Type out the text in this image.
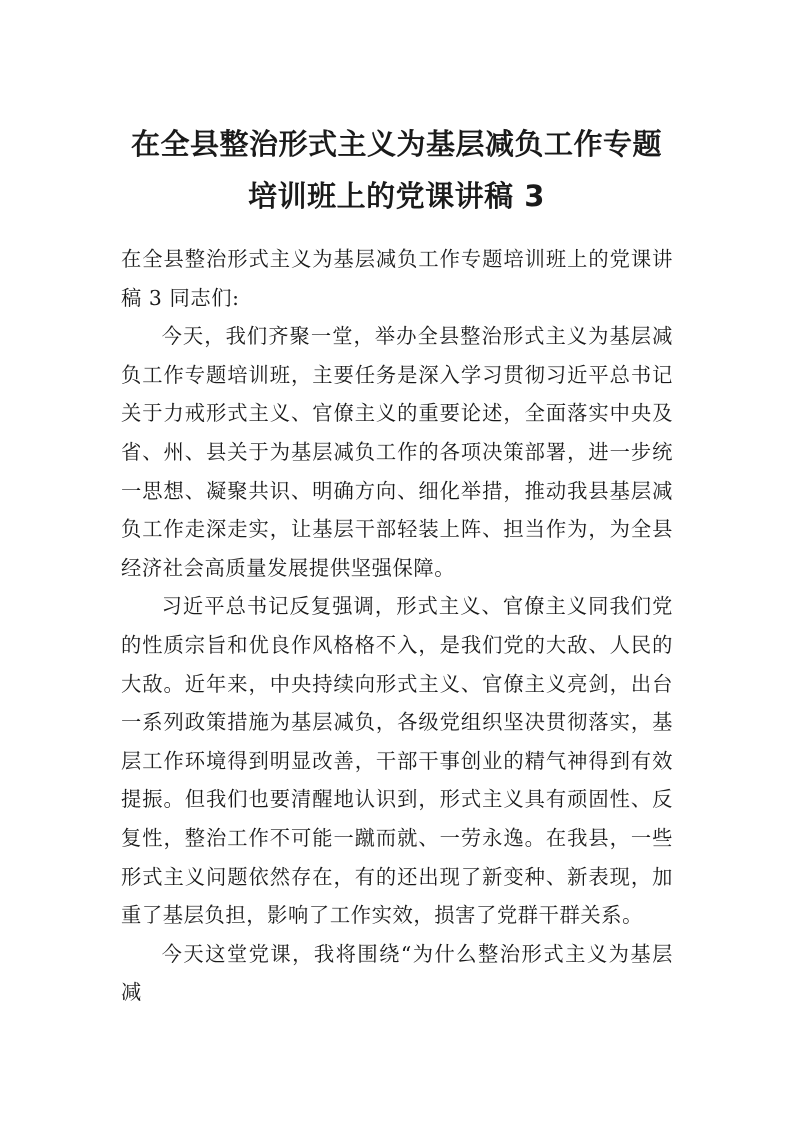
在全县整治形式主义为基层减负工作专题
培训班上的党课讲稿 3

在全县整治形式主义为基层减负工作专题培训班上的党课讲稿 3 同志们:

今天，我们齐聚一堂，举办全县整治形式主义为基层减负工作专题培训班，主要任务是深入学习贯彻习近平总书记关于力戒形式主义、官僚主义的重要论述，全面落实中央及省、州、县关于为基层减负工作的各项决策部署，进一步统一思想、凝聚共识、明确方向、细化举措，推动我县基层减负工作走深走实，让基层干部轻装上阵、担当作为，为全县经济社会高质量发展提供坚强保障。

习近平总书记反复强调，形式主义、官僚主义同我们党的性质宗旨和优良作风格格不入，是我们党的大敌、人民的大敌。近年来，中央持续向形式主义、官僚主义亮剑，出台一系列政策措施为基层减负，各级党组织坚决贯彻落实，基层工作环境得到明显改善，干部干事创业的精气神得到有效提振。但我们也要清醒地认识到，形式主义具有顽固性、反复性，整治工作不可能一蹴而就、一劳永逸。在我县，一些形式主义问题依然存在，有的还出现了新变种、新表现，加重了基层负担，影响了工作实效，损害了党群干群关系。

今天这堂党课，我将围绕“为什么整治形式主义为基层减
